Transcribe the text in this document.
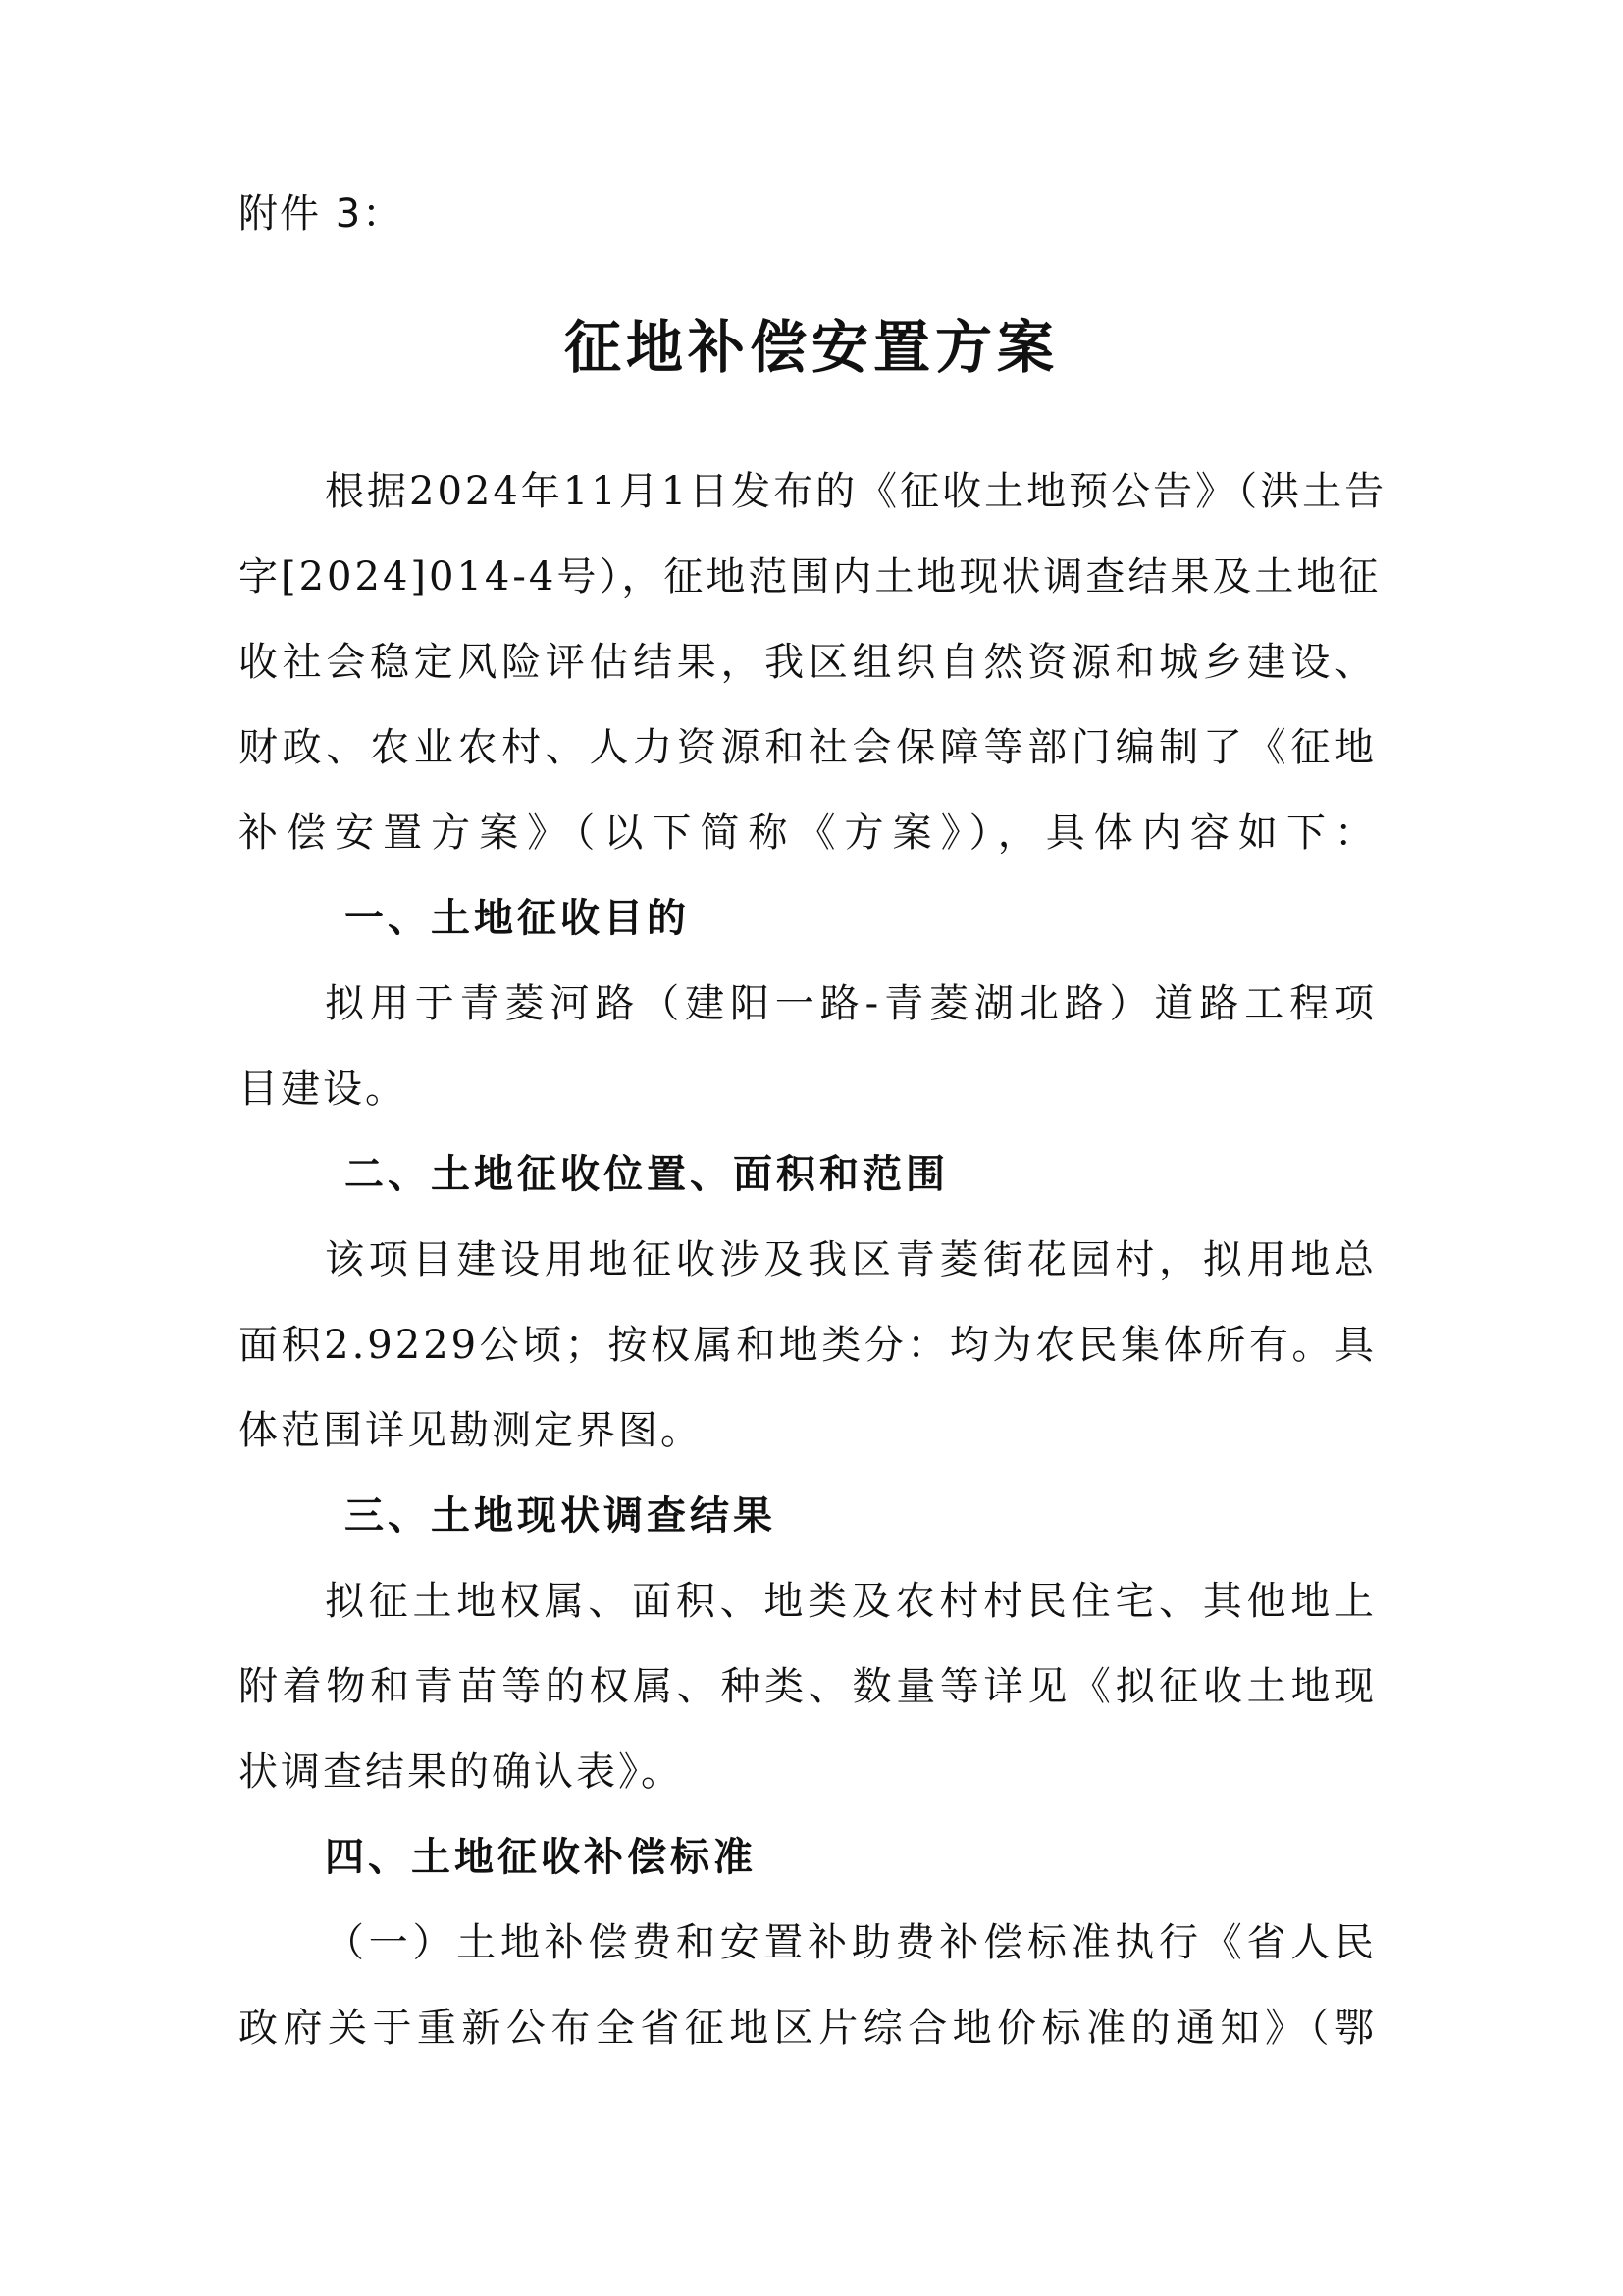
附件 3：
征地补偿安置方案
根据2024年11月1日发布的《征收土地预公告》（洪土告
字[2024]014-4号），征地范围内土地现状调查结果及土地征
收社会稳定风险评估结果，我区组织自然资源和城乡建设、
财政、农业农村、人力资源和社会保障等部门编制了《征地
补偿安置方案》（以下简称《方案》），具体内容如下：
一、土地征收目的
拟用于青菱河路（建阳一路-青菱湖北路）道路工程项
目建设。
二、土地征收位置、面积和范围
该项目建设用地征收涉及我区青菱街花园村，拟用地总
面积2.9229公顷；按权属和地类分：均为农民集体所有。具
体范围详见勘测定界图。
三、土地现状调查结果
拟征土地权属、面积、地类及农村村民住宅、其他地上
附着物和青苗等的权属、种类、数量等详见《拟征收土地现
状调查结果的确认表》。
四、土地征收补偿标准
（一）土地补偿费和安置补助费补偿标准执行《省人民
政府关于重新公布全省征地区片综合地价标准的通知》（鄂
